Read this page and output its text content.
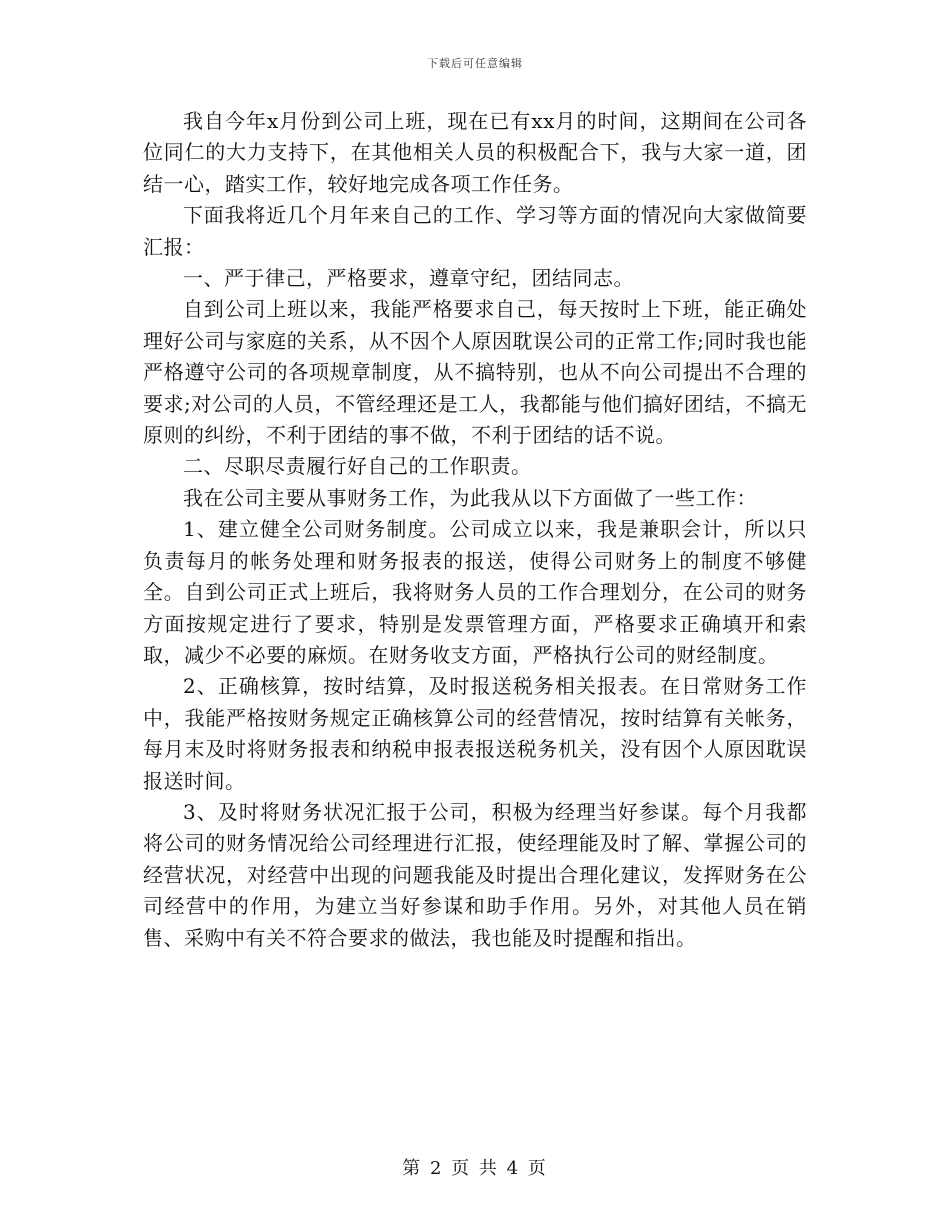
下载后可任意编辑

我自今年x月份到公司上班，现在已有xx月的时间，这期间在公司各位同仁的大力支持下，在其他相关人员的积极配合下，我与大家一道，团结一心，踏实工作，较好地完成各项工作任务。

下面我将近几个月年来自己的工作、学习等方面的情况向大家做简要汇报：

一、严于律己，严格要求，遵章守纪，团结同志。

自到公司上班以来，我能严格要求自己，每天按时上下班，能正确处理好公司与家庭的关系，从不因个人原因耽误公司的正常工作;同时我也能严格遵守公司的各项规章制度，从不搞特别，也从不向公司提出不合理的要求;对公司的人员，不管经理还是工人，我都能与他们搞好团结，不搞无原则的纠纷，不利于团结的事不做，不利于团结的话不说。

二、尽职尽责履行好自己的工作职责。

我在公司主要从事财务工作，为此我从以下方面做了一些工作：

1、建立健全公司财务制度。公司成立以来，我是兼职会计，所以只负责每月的帐务处理和财务报表的报送，使得公司财务上的制度不够健全。自到公司正式上班后，我将财务人员的工作合理划分，在公司的财务方面按规定进行了要求，特别是发票管理方面，严格要求正确填开和索取，减少不必要的麻烦。在财务收支方面，严格执行公司的财经制度。

2、正确核算，按时结算，及时报送税务相关报表。在日常财务工作中，我能严格按财务规定正确核算公司的经营情况，按时结算有关帐务，每月末及时将财务报表和纳税申报表报送税务机关，没有因个人原因耽误报送时间。

3、及时将财务状况汇报于公司，积极为经理当好参谋。每个月我都将公司的财务情况给公司经理进行汇报，使经理能及时了解、掌握公司的经营状况，对经营中出现的问题我能及时提出合理化建议，发挥财务在公司经营中的作用，为建立当好参谋和助手作用。另外，对其他人员在销售、采购中有关不符合要求的做法，我也能及时提醒和指出。

第 2 页 共 4 页
